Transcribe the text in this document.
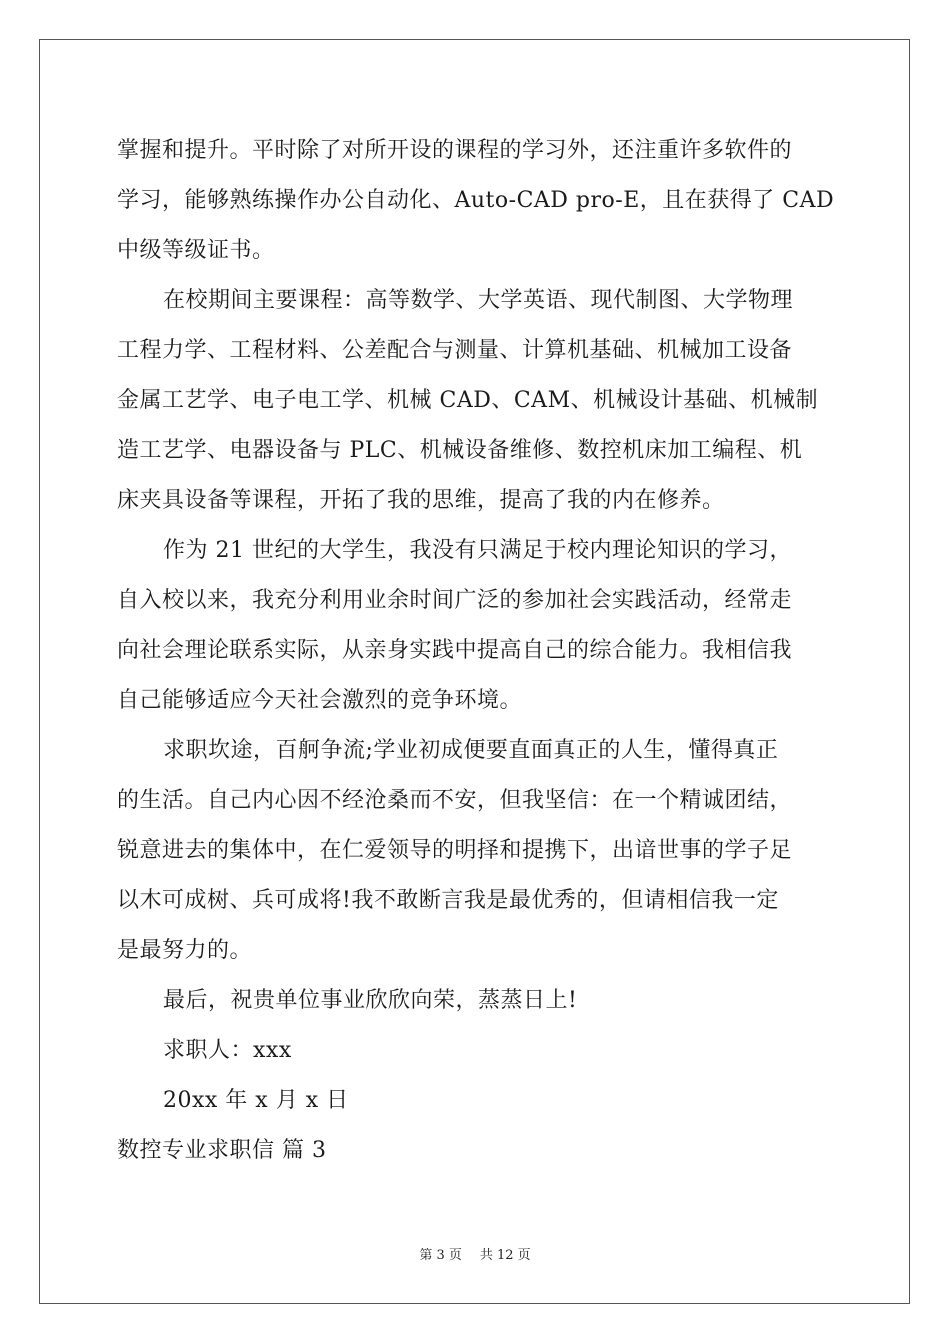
掌握和提升。平时除了对所开设的课程的学习外，还注重许多软件的
学习，能够熟练操作办公自动化、Auto-CAD pro-E，且在获得了 CAD
中级等级证书。
在校期间主要课程：高等数学、大学英语、现代制图、大学物理
工程力学、工程材料、公差配合与测量、计算机基础、机械加工设备
金属工艺学、电子电工学、机械 CAD、CAM、机械设计基础、机械制
造工艺学、电器设备与 PLC、机械设备维修、数控机床加工编程、机
床夹具设备等课程，开拓了我的思维，提高了我的内在修养。
作为 21 世纪的大学生，我没有只满足于校内理论知识的学习，
自入校以来，我充分利用业余时间广泛的参加社会实践活动，经常走
向社会理论联系实际，从亲身实践中提高自己的综合能力。我相信我
自己能够适应今天社会激烈的竞争环境。
求职坎途，百舸争流;学业初成便要直面真正的人生，懂得真正
的生活。自己内心因不经沧桑而不安，但我坚信：在一个精诚团结，
锐意进去的集体中，在仁爱领导的明择和提携下，出谙世事的学子足
以木可成树、兵可成将!我不敢断言我是最优秀的，但请相信我一定
是最努力的。
最后，祝贵单位事业欣欣向荣，蒸蒸日上!
求职人：xxx
20xx 年 x 月 x 日
数控专业求职信 篇 3
第 3 页 共 12 页
